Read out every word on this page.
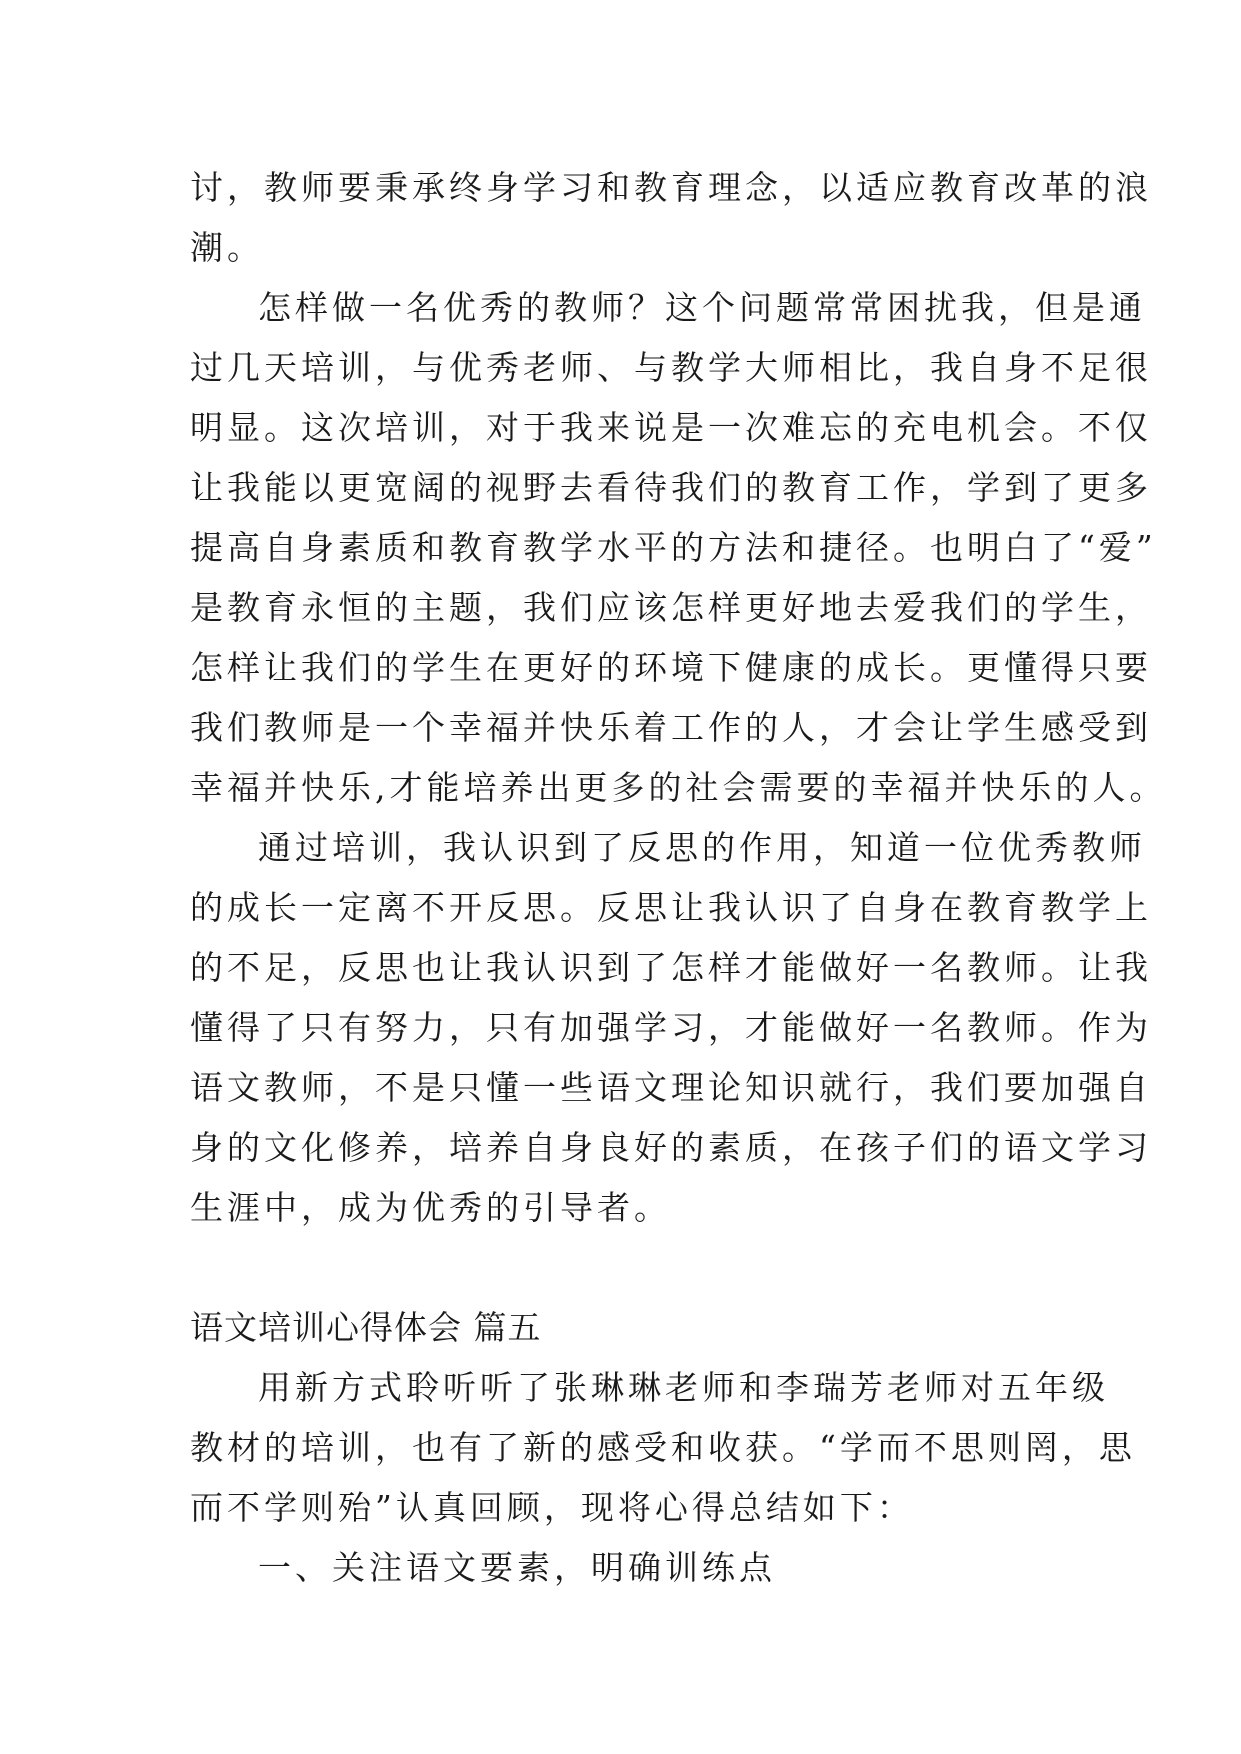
讨，教师要秉承终身学习和教育理念，以适应教育改革的浪
潮。
怎样做一名优秀的教师？这个问题常常困扰我，但是通
过几天培训，与优秀老师、与教学大师相比，我自身不足很
明显。这次培训，对于我来说是一次难忘的充电机会。不仅
让我能以更宽阔的视野去看待我们的教育工作，学到了更多
提高自身素质和教育教学水平的方法和捷径。也明白了“爱”
是教育永恒的主题，我们应该怎样更好地去爱我们的学生，
怎样让我们的学生在更好的环境下健康的成长。更懂得只要
我们教师是一个幸福并快乐着工作的人，才会让学生感受到
幸福并快乐,才能培养出更多的社会需要的幸福并快乐的人。
通过培训，我认识到了反思的作用，知道一位优秀教师
的成长一定离不开反思。反思让我认识了自身在教育教学上
的不足，反思也让我认识到了怎样才能做好一名教师。让我
懂得了只有努力，只有加强学习，才能做好一名教师。作为
语文教师，不是只懂一些语文理论知识就行，我们要加强自
身的文化修养，培养自身良好的素质，在孩子们的语文学习
生涯中，成为优秀的引导者。
语文培训心得体会 篇五
用新方式聆听听了张琳琳老师和李瑞芳老师对五年级
教材的培训，也有了新的感受和收获。“学而不思则罔，思
而不学则殆”认真回顾，现将心得总结如下：
一、关注语文要素，明确训练点
